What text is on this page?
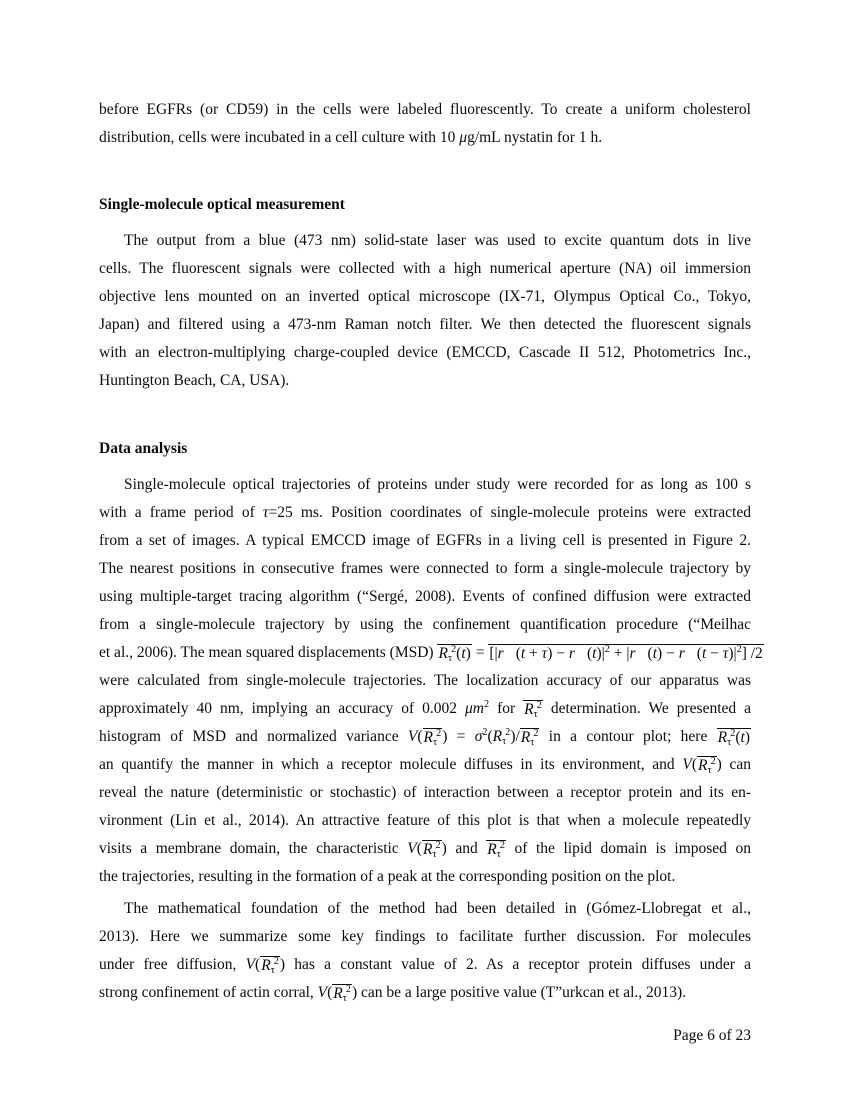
before EGFRs (or CD59) in the cells were labeled fluorescently. To create a uniform cholesterol
distribution, cells were incubated in a cell culture with 10 μg/mL nystatin for 1 h.
Single-molecule optical measurement
The output from a blue (473 nm) solid-state laser was used to excite quantum dots in live
cells. The fluorescent signals were collected with a high numerical aperture (NA) oil immersion
objective lens mounted on an inverted optical microscope (IX-71, Olympus Optical Co., Tokyo,
Japan) and filtered using a 473-nm Raman notch filter. We then detected the fluorescent signals
with an electron-multiplying charge-coupled device (EMCCD, Cascade II 512, Photometrics Inc.,
Huntington Beach, CA, USA).
Data analysis
Single-molecule optical trajectories of proteins under study were recorded for as long as 100 s
with a frame period of τ=25 ms. Position coordinates of single-molecule proteins were extracted
from a set of images. A typical EMCCD image of EGFRs in a living cell is presented in Figure 2.
The nearest positions in consecutive frames were connected to form a single-molecule trajectory by
using multiple-target tracing algorithm (“Sergé, 2008). Events of confined diffusion were extracted
from a single-molecule trajectory by using the confinement quantification procedure (“Meilhac
et al., 2006). The mean squared displacements (MSD) $R_\tau^2(t)$ = [|r⃗(t + $\tau) - r⃗(t)|^2$ + |r⃗(t) − r⃗(t − $\tau)|^2$] /2
were calculated from single-molecule trajectories. The localization accuracy of our apparatus was
approximately 40 nm, implying an accuracy of 0.002 $\mu m^2$ for $R_\tau^2$ determination. We presented a
histogram of MSD and normalized variance $V(R_\tau^2) = \sigma^2(R_\tau^2)/R_\tau^2$ in a contour plot; here $R_\tau^2(t)$
an quantify the manner in which a receptor molecule diffuses in its environment, and $V(R_\tau^2)$ can
reveal the nature (deterministic or stochastic) of interaction between a receptor protein and its en-
vironment (Lin et al., 2014). An attractive feature of this plot is that when a molecule repeatedly
visits a membrane domain, the characteristic $V(R_\tau^2)$ and $R_\tau^2$ of the lipid domain is imposed on
the trajectories, resulting in the formation of a peak at the corresponding position on the plot.
The mathematical foundation of the method had been detailed in (Gómez-Llobregat et al.,
2013). Here we summarize some key findings to facilitate further discussion. For molecules
under free diffusion, $V(R_\tau^2)$ has a constant value of 2. As a receptor protein diffuses under a
strong confinement of actin corral, $V(R_\tau^2)$ can be a large positive value (T”urkcan et al., 2013).
Page 6 of 23
